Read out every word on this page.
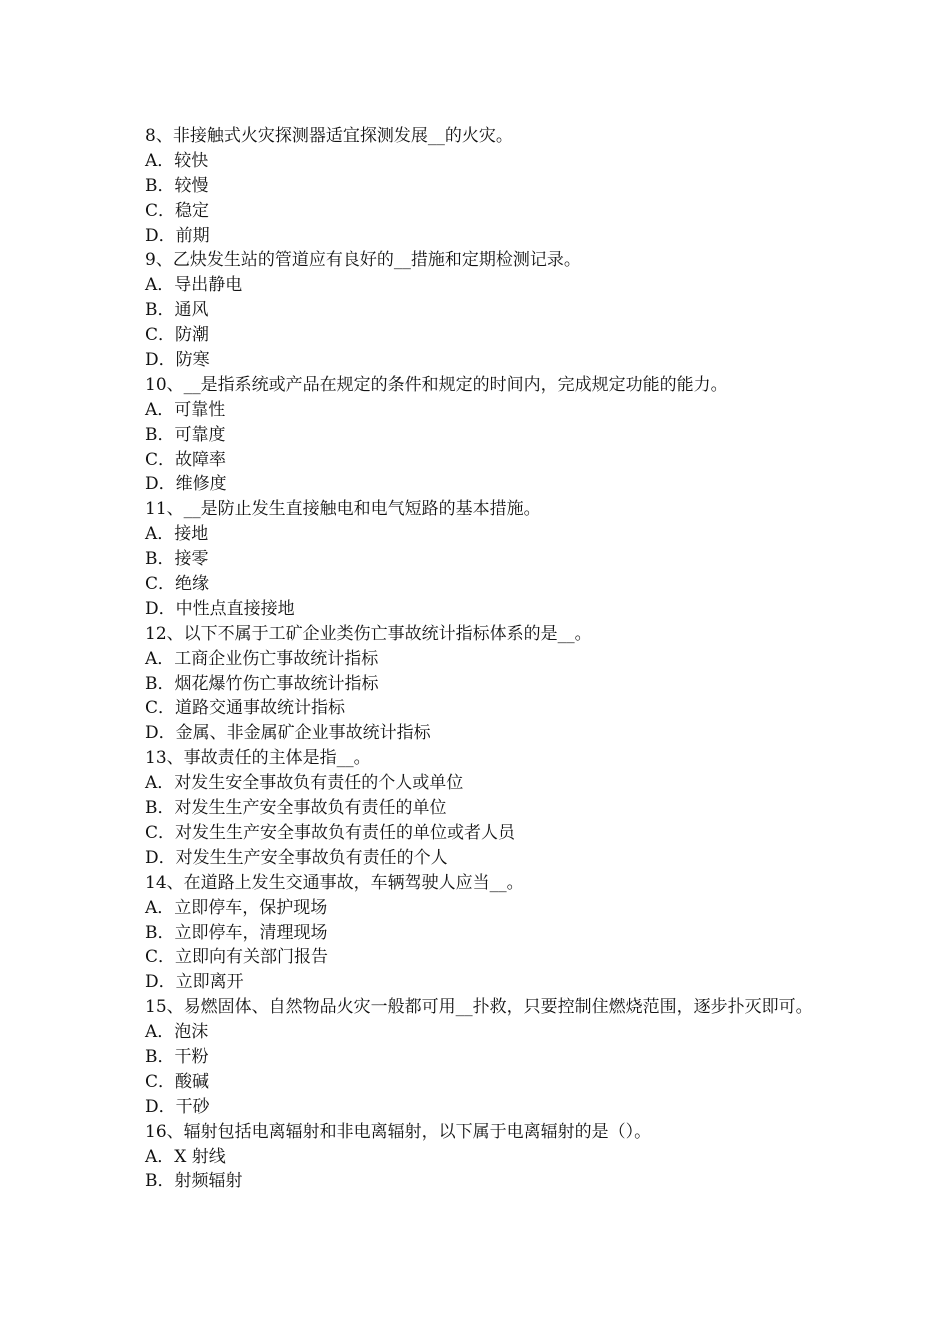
8、非接触式火灾探测器适宜探测发展__的火灾。
A．较快
B．较慢
C．稳定
D．前期
9、乙炔发生站的管道应有良好的__措施和定期检测记录。
A．导出静电
B．通风
C．防潮
D．防寒
10、__是指系统或产品在规定的条件和规定的时间内，完成规定功能的能力。
A．可靠性
B．可靠度
C．故障率
D．维修度
11、__是防止发生直接触电和电气短路的基本措施。
A．接地
B．接零
C．绝缘
D．中性点直接接地
12、以下不属于工矿企业类伤亡事故统计指标体系的是__。
A．工商企业伤亡事故统计指标
B．烟花爆竹伤亡事故统计指标
C．道路交通事故统计指标
D．金属、非金属矿企业事故统计指标
13、事故责任的主体是指__。
A．对发生安全事故负有责任的个人或单位
B．对发生生产安全事故负有责任的单位
C．对发生生产安全事故负有责任的单位或者人员
D．对发生生产安全事故负有责任的个人
14、在道路上发生交通事故，车辆驾驶人应当__。
A．立即停车，保护现场
B．立即停车，清理现场
C．立即向有关部门报告
D．立即离开
15、易燃固体、自然物品火灾一般都可用__扑救，只要控制住燃烧范围，逐步扑灭即可。
A．泡沫
B．干粉
C．酸碱
D．干砂
16、辐射包括电离辐射和非电离辐射，以下属于电离辐射的是（）。
A．X 射线
B．射频辐射
